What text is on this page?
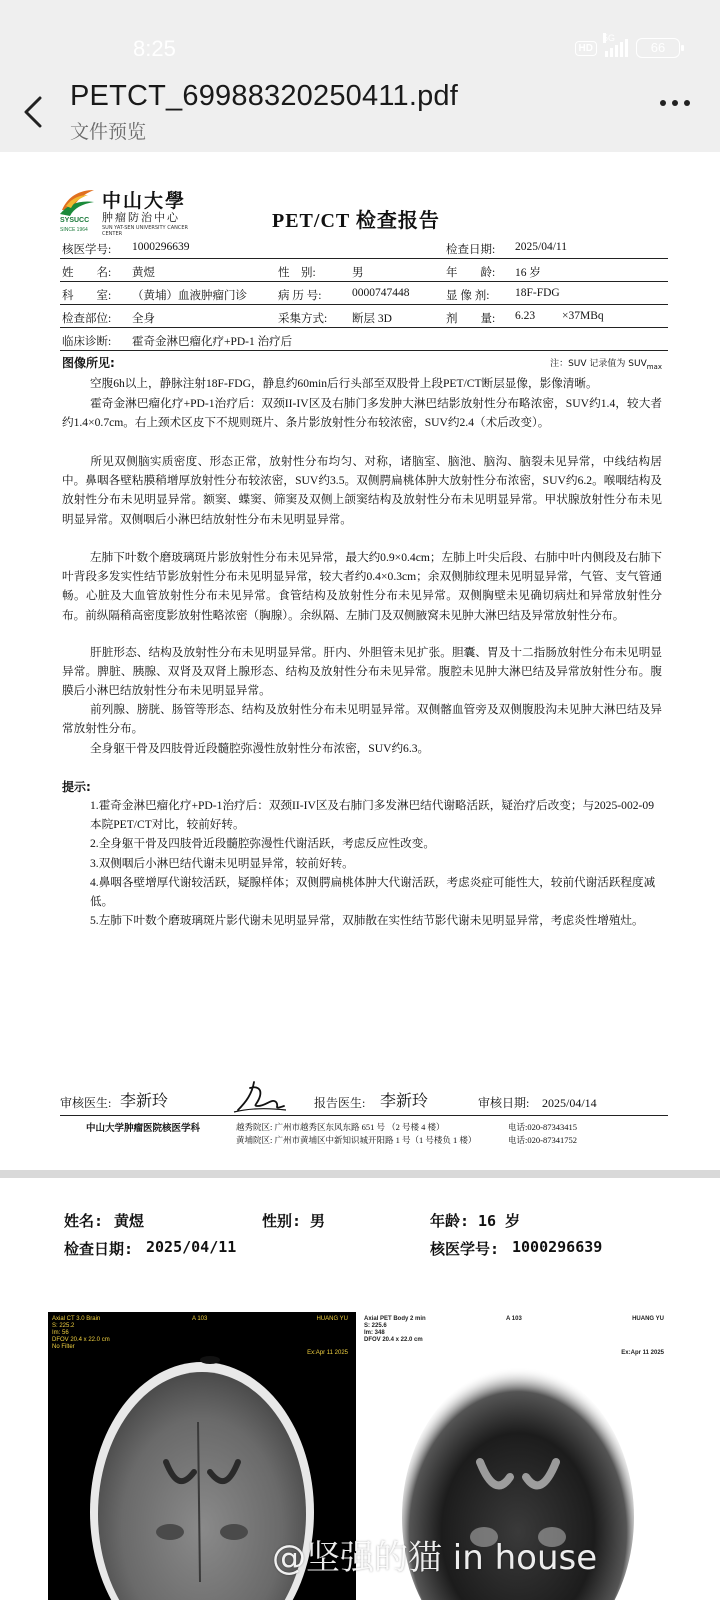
8:25	HD
5G
66
PETCT_69988320250411.pdf
文件预览
中山大學
肿瘤防治中心
SUN YAT-SEN UNIVERSITY CANCER CENTER
SYSUCC
SINCE 1964	PET/CT 检查报告
核医学号: 1000296639	检查日期: 2025/04/11
姓　　名: 黄煜	性　别:	男	年　　龄: 16 岁
科　　室: （黄埔）血液肿瘤门诊	病 历 号:	0000747448	显 像 剂: 18F-FDG
检查部位: 全身	采集方式: 断层 3D	剂　　量: 6.23 ×37MBq
临床诊断: 霍奇金淋巴瘤化疗+PD-1 治疗后
图像所见:	注：SUV 记录值为 $SUV_{max}$
空腹6h以上，静脉注射18F-FDG，静息约60min后行头部至双股骨上段PET/CT断层显像，影像清晰。
霍奇金淋巴瘤化疗+PD-1治疗后：双颈II-IV区及右肺门多发肿大淋巴结影放射性分布略浓密，SUV约1.4，较大者约1.4×0.7cm。右上颈术区皮下不规则斑片、条片影放射性分布较浓密，SUV约2.4（术后改变）。
所见双侧脑实质密度、形态正常，放射性分布均匀、对称，诸脑室、脑池、脑沟、脑裂未见异常，中线结构居中。鼻咽各壁粘膜稍增厚放射性分布较浓密，SUV约3.5。双侧腭扁桃体肿大放射性分布浓密，SUV约6.2。喉咽结构及放射性分布未见明显异常。额窦、蝶窦、筛窦及双侧上颌窦结构及放射性分布未见明显异常。甲状腺放射性分布未见明显异常。双侧咽后小淋巴结放射性分布未见明显异常。
左肺下叶数个磨玻璃斑片影放射性分布未见异常，最大约0.9×0.4cm；左肺上叶尖后段、右肺中叶内侧段及右肺下叶背段多发实性结节影放射性分布未见明显异常，较大者约0.4×0.3cm；余双侧肺纹理未见明显异常，气管、支气管通畅。心脏及大血管放射性分布未见异常。食管结构及放射性分布未见异常。双侧胸壁未见确切病灶和异常放射性分布。前纵隔稍高密度影放射性略浓密（胸腺）。余纵隔、左肺门及双侧腋窝未见肿大淋巴结及异常放射性分布。
肝脏形态、结构及放射性分布未见明显异常。肝内、外胆管未见扩张。胆囊、胃及十二指肠放射性分布未见明显异常。脾脏、胰腺、双肾及双肾上腺形态、结构及放射性分布未见异常。腹腔未见肿大淋巴结及异常放射性分布。腹膜后小淋巴结放射性分布未见明显异常。
前列腺、膀胱、肠管等形态、结构及放射性分布未见明显异常。双侧髂血管旁及双侧腹股沟未见肿大淋巴结及异常放射性分布。
全身躯干骨及四肢骨近段髓腔弥漫性放射性分布浓密，SUV约6.3。
提示:

1.霍奇金淋巴瘤化疗+PD-1治疗后：双颈II-IV区及右肺门多发淋巴结代谢略活跃，疑治疗后改变；与2025-002-09本院PET/CT对比，较前好转。

2.全身躯干骨及四肢骨近段髓腔弥漫性代谢活跃，考虑反应性改变。

3.双侧咽后小淋巴结代谢未见明显异常，较前好转。

4.鼻咽各壁增厚代谢较活跃，疑腺样体；双侧腭扁桃体肿大代谢活跃，考虑炎症可能性大，较前代谢活跃程度减低。

5.左肺下叶数个磨玻璃斑片影代谢未见明显异常，双肺散在实性结节影代谢未见明显异常，考虑炎性增殖灶。

审核医生: 李新玲	报告医生: 李新玲	审核日期: 2025/04/14
中山大学肿瘤医院核医学科	越秀院区: 广州市越秀区东风东路 651 号 （2 号楼 4 楼）
黄埔院区: 广州市黄埔区中新知识城开阳路 1 号（1 号楼负 1 楼）
电话:020-87343415
电话:020-87341752
姓名: 黄煜	性别: 男	年龄: 16 岁
检查日期: 2025/04/11	核医学号: 1000296639
Axial CT 3.0 Brain
S: 225.2
Im: 56
DFOV 20.4 x 22.0 cm
No Filter
A 103	HUANG YU
Ex:Apr 11 2025
Axial PET Body 2 min
S: 225.6
Im: 348
DFOV 20.4 x 22.0 cm
A 103	HUANG YU
Ex:Apr 11 2025
@坚强的猫 in house
